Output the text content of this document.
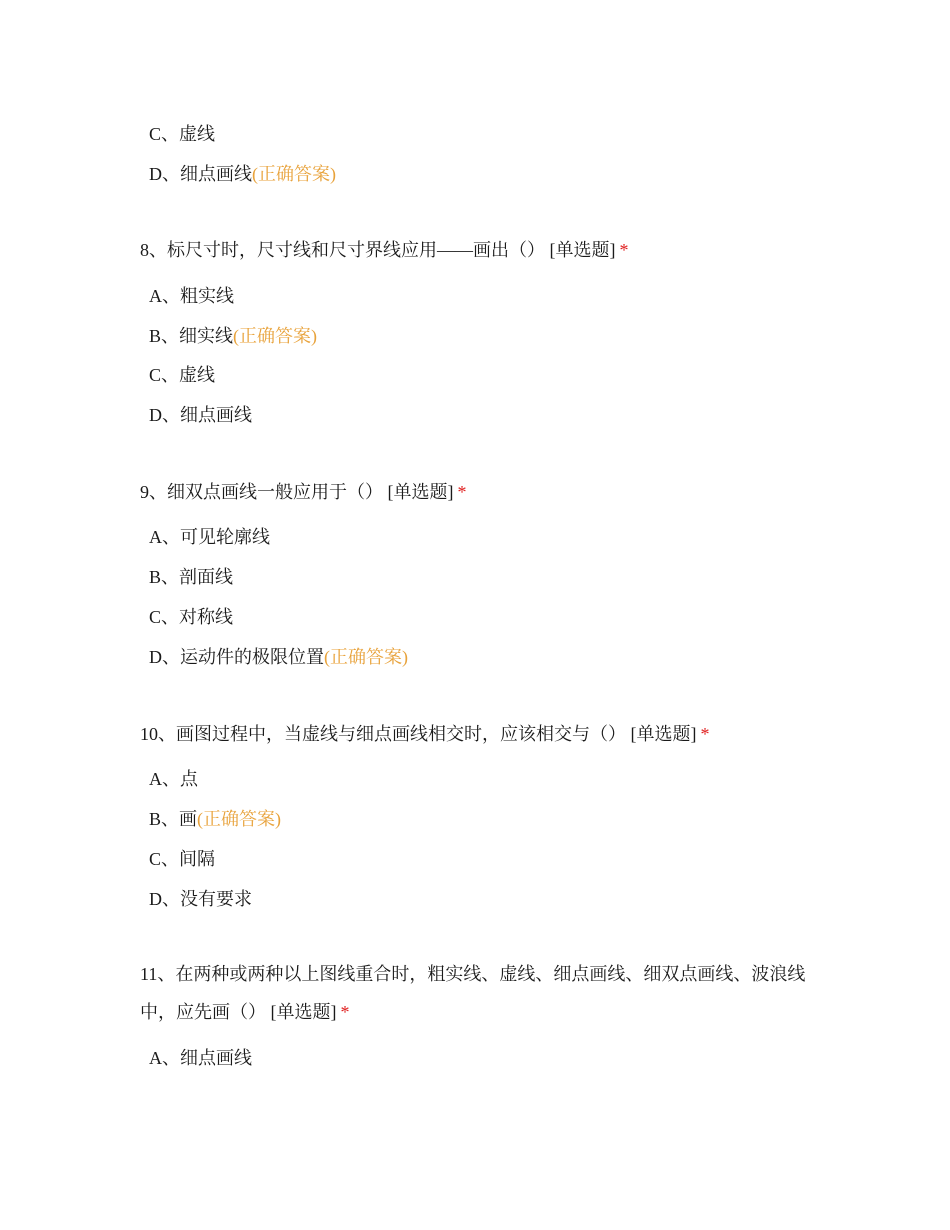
C、虚线
D、细点画线(正确答案)
8、标尺寸时，尺寸线和尺寸界线应用——画出（） [单选题] *
A、粗实线
B、细实线(正确答案)
C、虚线
D、细点画线
9、细双点画线一般应用于（） [单选题] *
A、可见轮廓线
B、剖面线
C、对称线
D、运动件的极限位置(正确答案)
10、画图过程中，当虚线与细点画线相交时，应该相交与（） [单选题] *
A、点
B、画(正确答案)
C、间隔
D、没有要求
11、在两种或两种以上图线重合时，粗实线、虚线、细点画线、细双点画线、波浪线中，应先画（） [单选题] *
A、细点画线
